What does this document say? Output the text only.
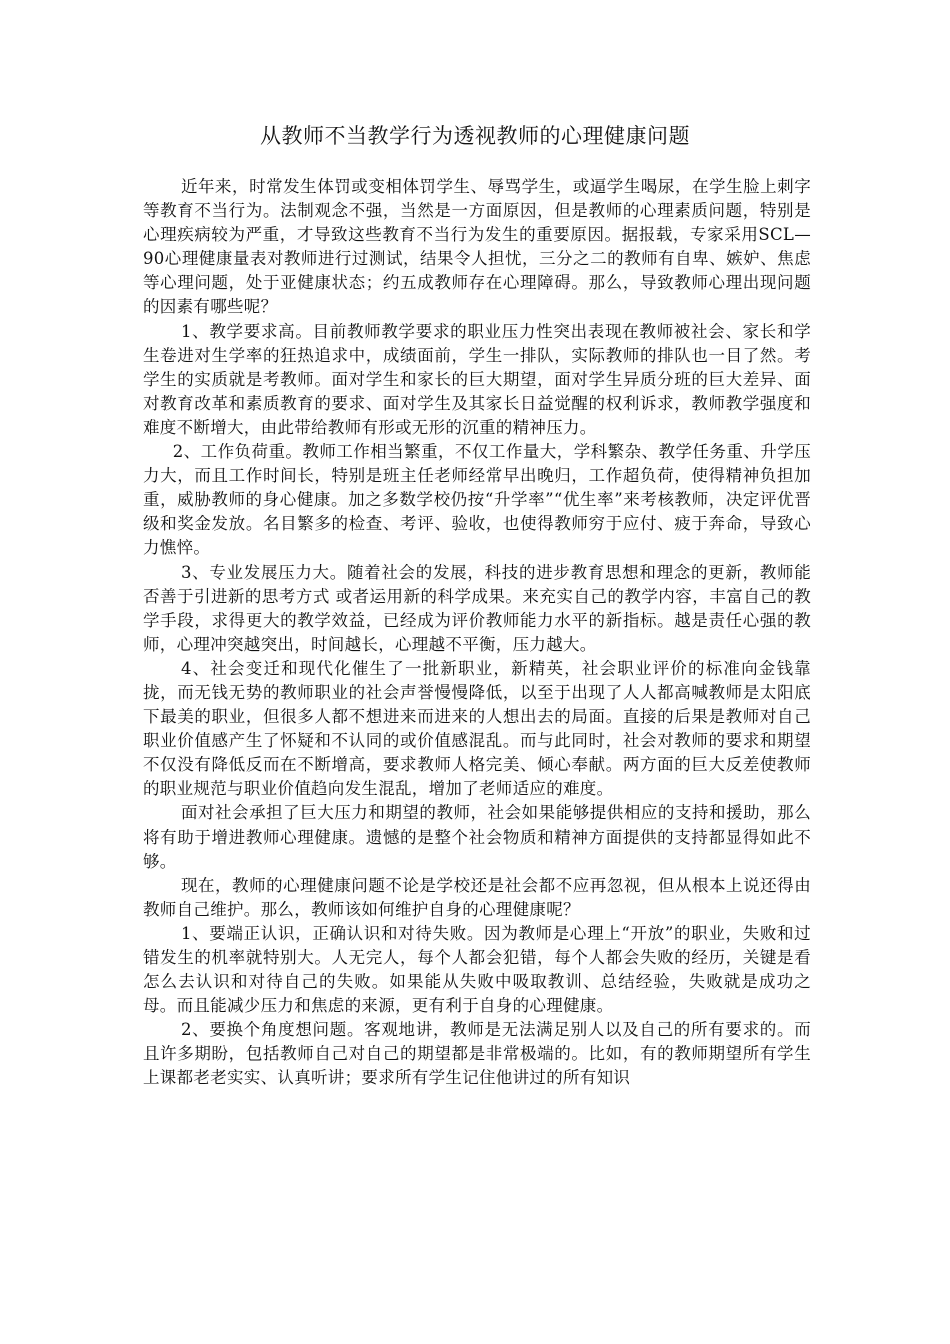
从教师不当教学行为透视教师的心理健康问题

近年来，时常发生体罚或变相体罚学生、辱骂学生，或逼学生喝尿，在学生脸上刺字等教育不当行为。法制观念不强，当然是一方面原因，但是教师的心理素质问题，特别是心理疾病较为严重，才导致这些教育不当行为发生的重要原因。据报载，专家采用SCL—90心理健康量表对教师进行过测试，结果令人担忧，三分之二的教师有自卑、嫉妒、焦虑等心理问题，处于亚健康状态；约五成教师存在心理障碍。那么，导致教师心理出现问题的因素有哪些呢？

1、教学要求高。目前教师教学要求的职业压力性突出表现在教师被社会、家长和学生卷进对生学率的狂热追求中，成绩面前，学生一排队，实际教师的排队也一目了然。考学生的实质就是考教师。面对学生和家长的巨大期望，面对学生异质分班的巨大差异、面对教育改革和素质教育的要求、面对学生及其家长日益觉醒的权利诉求，教师教学强度和难度不断增大，由此带给教师有形或无形的沉重的精神压力。

2、工作负荷重。教师工作相当繁重，不仅工作量大，学科繁杂、教学任务重、升学压力大，而且工作时间长，特别是班主任老师经常早出晚归，工作超负荷，使得精神负担加重，威胁教师的身心健康。加之多数学校仍按“升学率”“优生率”来考核教师，决定评优晋级和奖金发放。名目繁多的检查、考评、验收，也使得教师穷于应付、疲于奔命，导致心力憔悴。

3、专业发展压力大。随着社会的发展，科技的进步教育思想和理念的更新，教师能否善于引进新的思考方式 或者运用新的科学成果。来充实自己的教学内容，丰富自己的教学手段，求得更大的教学效益，已经成为评价教师能力水平的新指标。越是责任心强的教师，心理冲突越突出，时间越长，心理越不平衡，压力越大。

4、社会变迁和现代化催生了一批新职业，新精英，社会职业评价的标准向金钱靠拢，而无钱无势的教师职业的社会声誉慢慢降低，以至于出现了人人都高喊教师是太阳底下最美的职业，但很多人都不想进来而进来的人想出去的局面。直接的后果是教师对自己职业价值感产生了怀疑和不认同的或价值感混乱。而与此同时，社会对教师的要求和期望不仅没有降低反而在不断增高，要求教师人格完美、倾心奉献。两方面的巨大反差使教师的职业规范与职业价值趋向发生混乱，增加了老师适应的难度。

面对社会承担了巨大压力和期望的教师，社会如果能够提供相应的支持和援助，那么将有助于增进教师心理健康。遗憾的是整个社会物质和精神方面提供的支持都显得如此不够。

现在，教师的心理健康问题不论是学校还是社会都不应再忽视，但从根本上说还得由教师自己维护。那么，教师该如何维护自身的心理健康呢？

1、要端正认识，正确认识和对待失败。因为教师是心理上“开放”的职业，失败和过错发生的机率就特别大。人无完人，每个人都会犯错，每个人都会失败的经历，关键是看怎么去认识和对待自己的失败。如果能从失败中吸取教训、总结经验，失败就是成功之母。而且能减少压力和焦虑的来源，更有利于自身的心理健康。

2、要换个角度想问题。客观地讲，教师是无法满足别人以及自己的所有要求的。而且许多期盼，包括教师自己对自己的期望都是非常极端的。比如，有的教师期望所有学生上课都老老实实、认真听讲；要求所有学生记住他讲过的所有知识
